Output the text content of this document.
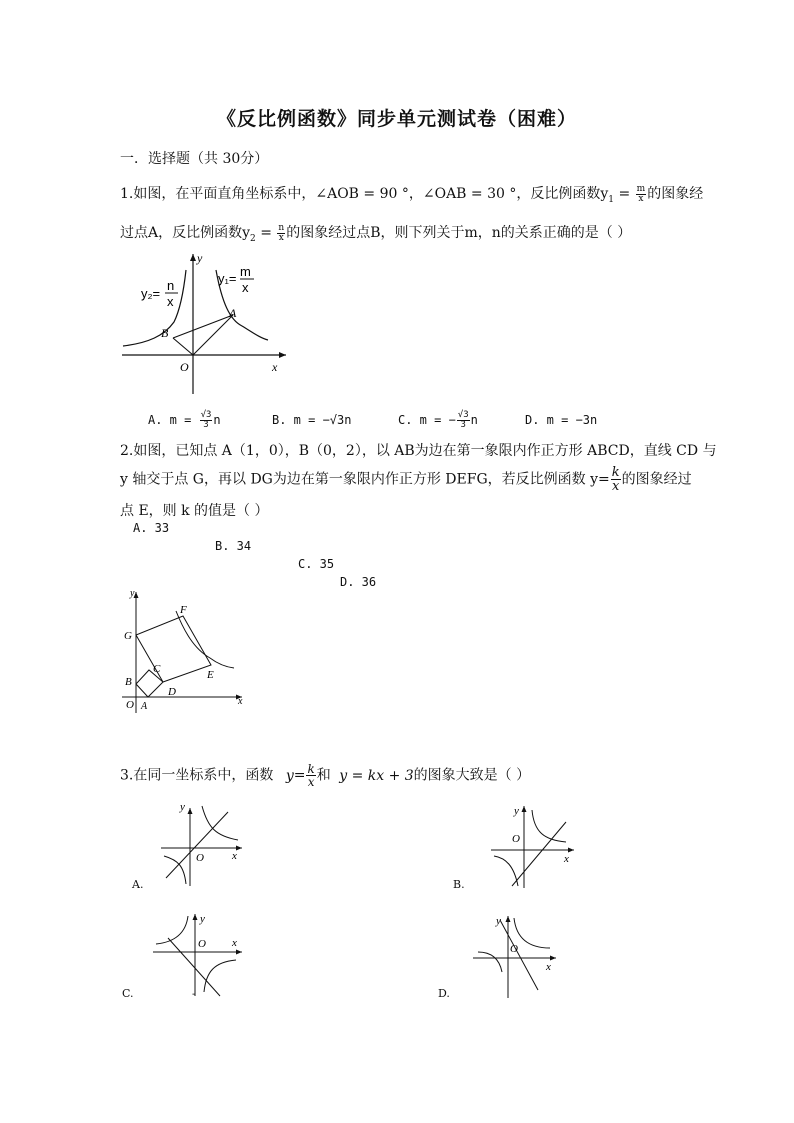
《反比例函数》同步单元测试卷（困难）
一．选择题（共 30分）
1.如图，在平面直角坐标系中，∠AOB = 90 °，∠OAB = 30 °，反比例函数$y_1 = \frac{m}{x}$ 的图象经
过点A，反比例函数$y_2 = \frac{n}{x}$ 的图象经过点B，则下列关于m，n的关系正确的是（ ）
y₂=
n
x
y₁= m
x
A
B
O	x
y
A. $m = \frac{√3}{3}$ n	B. m = −√3n	C. m = − $\frac{√3}{3}$ n	D. m = −3n
2.如图，已知点 A（1，0），B（0，2），以 AB为边在第一象限内作正方形 ABCD，直线 CD 与
y 轴交于点 G，再以 DG为边在第一象限内作正方形 DEFG，若反比例函数 $y= \frac{k}{x}$ 的图象经过
点 E，则 k 的值是（ ）
A. 33
B. 34
C. 35
D. 36
y
x
G
F
C
B
D
E
O A
3.在同一坐标系中，函数 $y= \frac{k}{x}$ 和 y = kx + 3的图象大致是（ ）
y
O	x
A.
y
O
x
B.
y
O x
C.	-
y
O
x
D.
